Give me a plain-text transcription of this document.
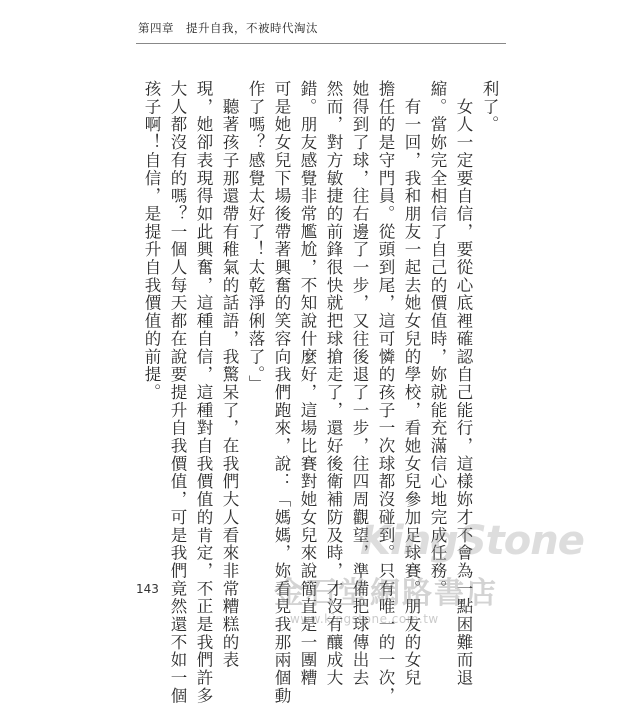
第四章 提升自我，不被時代淘汰
利了。
　女人一定要自信，要從心底裡確認自己能行，這樣妳才不會為一點困難而退
縮。當妳完全相信了自己的價值時，妳就能充滿信心地完成任務。
　有一回，我和朋友一起去她女兒的學校，看她女兒參加足球賽。朋友的女兒
擔任的是守門員。從頭到尾，這可憐的孩子一次球都沒碰到。只有唯一的一次，
她得到了球，往右邊了一步，又往後退了一步，往四周觀望，準備把球傳出去
然而，對方敏捷的前鋒很快就把球搶走了，還好後衛補防及時，才沒有釀成大
錯。朋友感覺非常尷尬，不知說什麼好，這場比賽對她女兒來說簡直是一團糟
可是她女兒下場後帶著興奮的笑容向我們跑來，說：「媽媽，妳看見我那兩個動
作了嗎？感覺太好了！太乾淨俐落了。」
　聽著孩子那還帶有稚氣的話語，我驚呆了，在我們大人看來非常糟糕的表
現，她卻表現得如此興奮，這種自信，這種對自我價值的肯定，不正是我們許多
大人都沒有的嗎？一個人每天都在說要提升自我價值，可是我們竟然還不如一個
孩子啊！自信，是提升自我價值的前提。
143
KingStone
金石堂網路書店
www.kingstone.com.tw
